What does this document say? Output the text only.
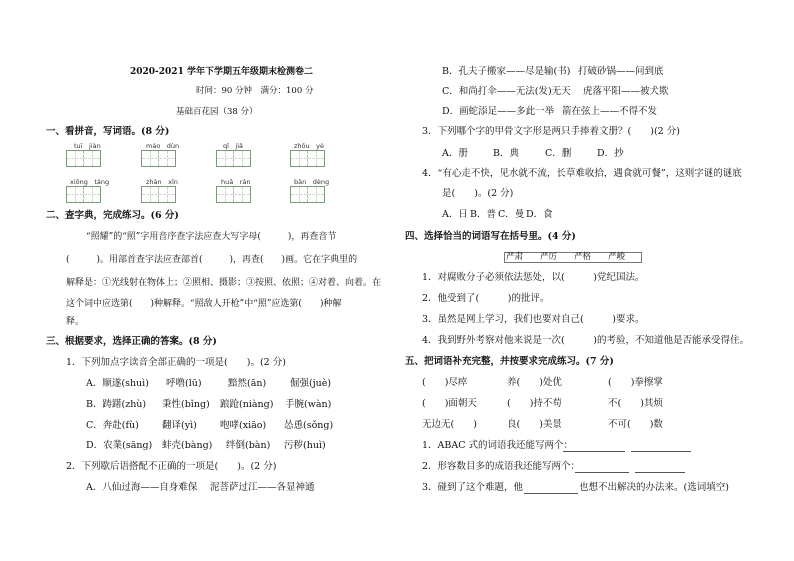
2020-2021 学年下学期五年级期末检测卷二
时间：90 分钟　满分：100 分
基础百花园（38 分）
一、看拼音，写词语。(8 分)
tuī　jiàn	máo　dùn	qǐ　jiǎ	zhōu　yè
xiōng　táng	zhàn　xīn	huā　rán	bān　dèng
二、查字典，完成练习。(6 分)
“照耀”的“照”字用音序查字法应查大写字母(　　　)，再查音节
(　　　)。用部首查字法应查部首(　　　)，再查(　　)画。它在字典里的
解释是：①光线射在物体上；②照相、摄影；③按照、依照；④对着、向着。在
这个词中应选第(　　)种解释。“照敌人开枪”中“照”应选第(　　)种解
释。
三、根据要求，选择正确的答案。(8 分)
1．下列加点字读音全部正确的一项是(　　)。(2 分)
A．顺遂(shuì) 呼噜(lū)	黯然(ān)	倔强(juè)
B．踌躇(zhù) 秉性(bǐng) 踉跄(niàng) 手腕(wàn)
C．奔赴(fù) 翻译(yì) 咆哮(xiāo) 怂恿(sǒng)
D．农業(sāng) 蚌壳(bàng) 绊倒(bàn) 污秽(huì)
2．下列歇后语搭配不正确的一项是(　　)。(2 分)
A．八仙过海——自身难保 泥菩萨过江——各显神通
B．孔夫子搬家——尽是输(书) 打破砂锅——问到底
C．和尚打伞——无法(发)无天 虎落平阳——被犬欺
D．画蛇添足——多此一举 箭在弦上——不得不发
3．下列哪个字的甲骨文字形是两只手捧着文册？(　　)(2 分)
A．册	B．典	C．删	D．抄
4．“有心走不快，见水就不流，长草难收拾，遇食就可餐”，这则字谜的谜底
是(　　)。(2 分)
A．日 B．普 C．曼 D．食
四、选择恰当的词语写在括号里。(4 分)
严肃 严厉 严格 严峻
1．对腐败分子必须依法惩处，以(　　　)党纪国法。
2．他受到了(　　　)的批评。
3．虽然是网上学习，我们也要对自己(　　　)要求。
4．我到野外考察对他来说是一次(　　　)的考验，不知道他是否能承受得住。
五、把词语补充完整，并按要求完成练习。(7 分)
(　　)尽瘁	养(　　)处优	(　　)拳擦掌
(　　)面朝天	(　　)持不苟	不(　　)其烦
无边无(　　)	良(　　)美景	不可(　　)数
1．ABAC 式的词语我还能写两个：
2．形容数目多的成语我还能写两个：
3．碰到了这个难题，他	也想不出解决的办法来。(选词填空)
